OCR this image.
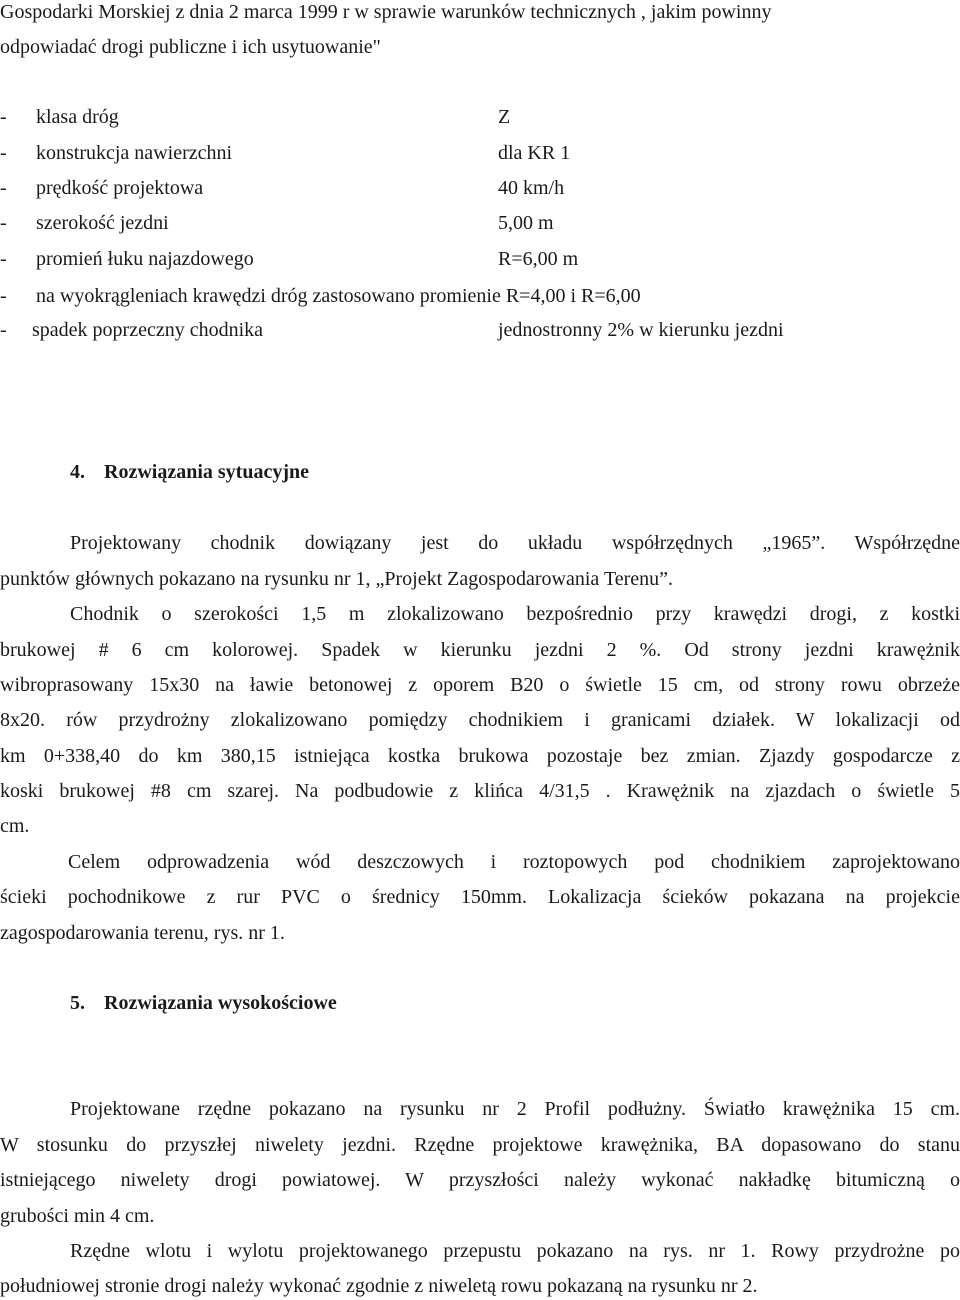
Gospodarki Morskiej z dnia 2 marca 1999 r w sprawie warunków technicznych , jakim powinny
odpowiadać drogi publiczne i ich usytuowanie"
- klasa dróg	Z
- konstrukcja nawierzchni	dla KR 1
- prędkość projektowa	40 km/h
- szerokość jezdni	5,00 m
- promień łuku najazdowego	R=6,00 m
- na wyokrągleniach krawędzi dróg zastosowano promienie R=4,00 i R=6,00
- spadek poprzeczny chodnika	jednostronny 2% w kierunku jezdni
4. Rozwiązania sytuacyjne
Projektowany chodnik dowiązany jest do układu współrzędnych „1965”. Współrzędne
punktów głównych pokazano na rysunku nr 1, „Projekt Zagospodarowania Terenu”.
Chodnik o szerokości 1,5 m zlokalizowano bezpośrednio przy krawędzi drogi, z kostki
brukowej # 6 cm kolorowej. Spadek w kierunku jezdni 2 %. Od strony jezdni krawężnik
wibroprasowany 15x30 na ławie betonowej z oporem B20 o świetle 15 cm, od strony rowu obrzeże
8x20. rów przydrożny zlokalizowano pomiędzy chodnikiem i granicami działek. W lokalizacji od
km 0+338,40 do km 380,15 istniejąca kostka brukowa pozostaje bez zmian. Zjazdy gospodarcze z
koski brukowej #8 cm szarej. Na podbudowie z klińca 4/31,5 . Krawężnik na zjazdach o świetle 5
cm.
Celem odprowadzenia wód deszczowych i roztopowych pod chodnikiem zaprojektowano
ścieki pochodnikowe z rur PVC o średnicy 150mm. Lokalizacja ścieków pokazana na projekcie
zagospodarowania terenu, rys. nr 1.
5. Rozwiązania wysokościowe
Projektowane rzędne pokazano na rysunku nr 2 Profil podłużny. Światło krawężnika 15 cm.
W stosunku do przyszłej niwelety jezdni. Rzędne projektowe krawężnika, BA dopasowano do stanu
istniejącego niwelety drogi powiatowej. W przyszłości należy wykonać nakładkę bitumiczną o
grubości min 4 cm.
Rzędne wlotu i wylotu projektowanego przepustu pokazano na rys. nr 1. Rowy przydrożne po
południowej stronie drogi należy wykonać zgodnie z niweletą rowu pokazaną na rysunku nr 2.
